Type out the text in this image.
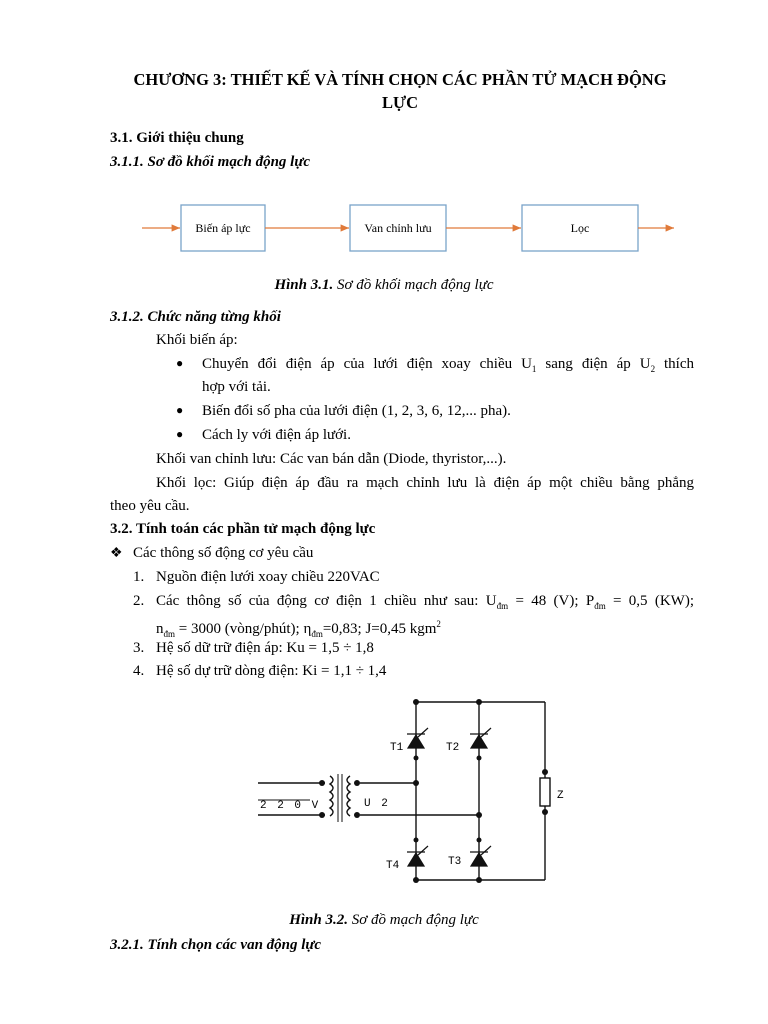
CHƯƠNG 3: THIẾT KẾ VÀ TÍNH CHỌN CÁC PHẦN TỬ MẠCH ĐỘNG
LỰC
3.1. Giới thiệu chung
3.1.1. Sơ đồ khối mạch động lực
Biến áp lực	Van chỉnh lưu	Lọc
Hình 3.1. Sơ đồ khối mạch động lực
3.1.2. Chức năng từng khối
Khối biến áp:
● Chuyển đổi điện áp của lưới điện xoay chiều $U_1$ sang điện áp $U_2$ thích
hợp với tải.
● Biến đổi số pha của lưới điện (1, 2, 3, 6, 12,... pha).
● Cách ly với điện áp lưới.
Khối van chỉnh lưu: Các van bán dẫn (Diode, thyristor,...).
Khối lọc: Giúp điện áp đầu ra mạch chỉnh lưu là điện áp một chiều bằng phẳng
theo yêu cầu.
3.2. Tính toán các phần tử mạch động lực
❖ Các thông số động cơ yêu cầu
1. Nguồn điện lưới xoay chiều 220VAC
2. Các thông số của động cơ điện 1 chiều như sau: $U_{đm} = 48$ (V); $P_{đm} = 0,5$ (KW);
$n_{đm} = 3000$ (vòng/phút); $\eta_{đm}=0,83$; J=0,45 kgm$^2$
3. Hệ số dữ trữ điện áp: Ku = 1,5 ÷ 1,8
4. Hệ số dự trữ dòng điện: Ki = 1,1 ÷ 1,4
2 2 0 V	U 2
T1	T2
T3
T4
Z
Hình 3.2. Sơ đồ mạch động lực
3.2.1. Tính chọn các van động lực
